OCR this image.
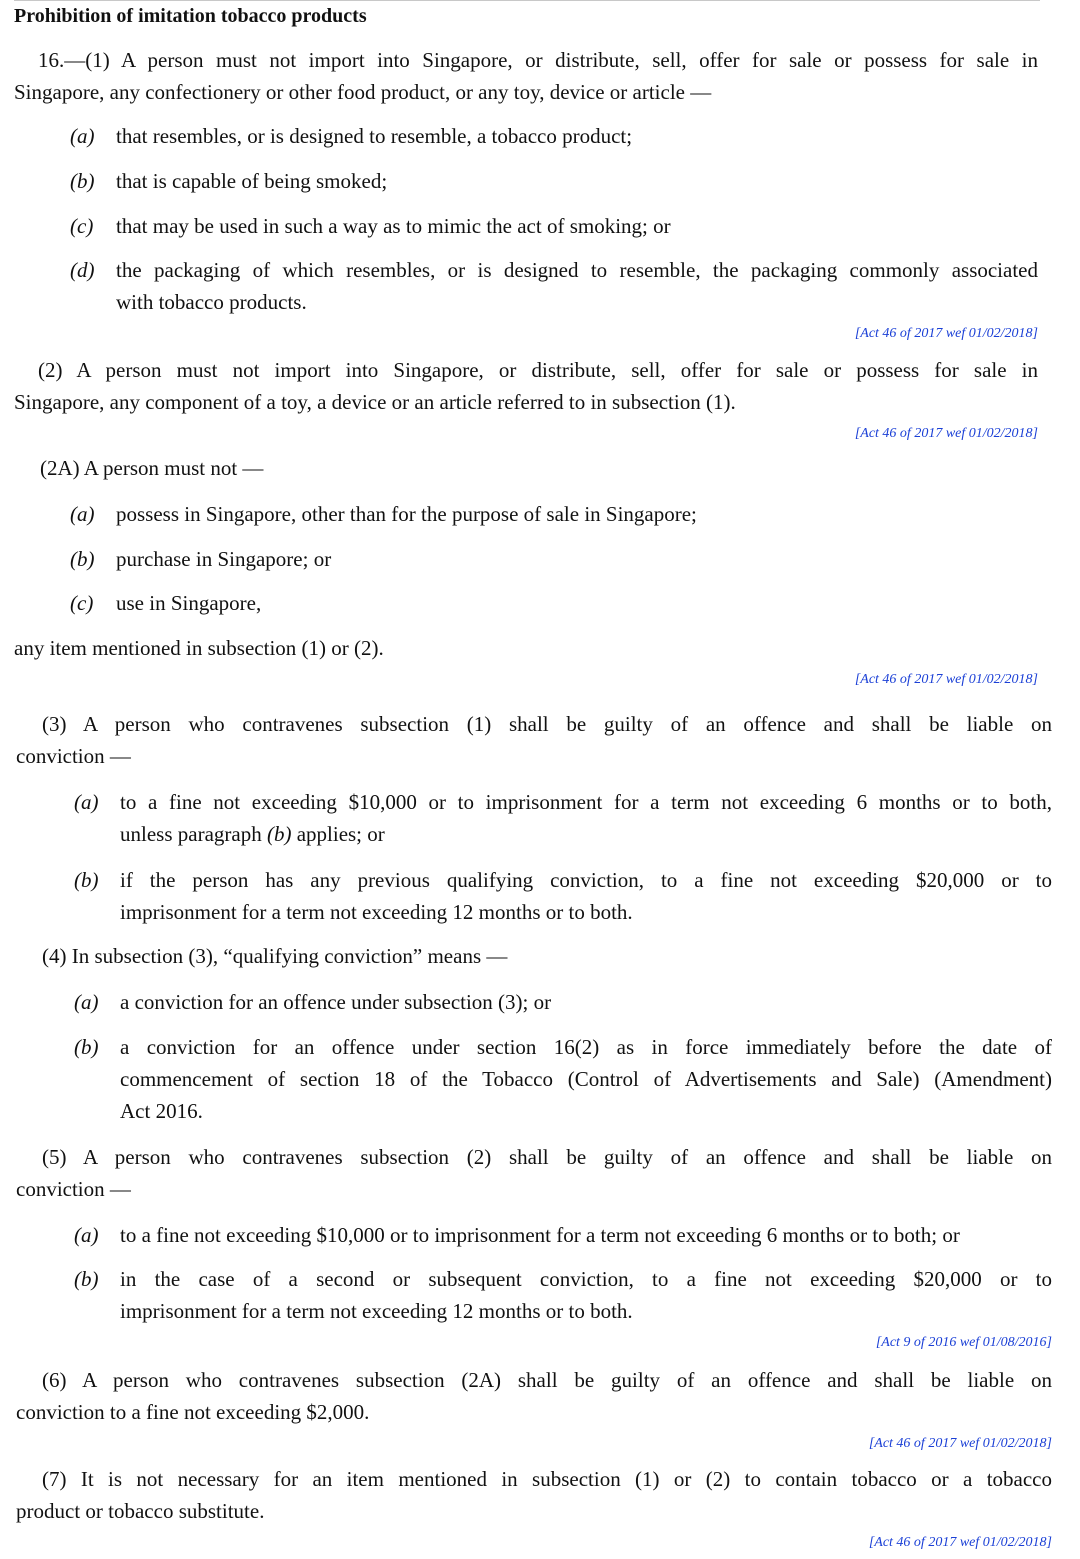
Prohibition of imitation tobacco products
16.—(1) A person must not import into Singapore, or distribute, sell, offer for sale or possess for sale in
Singapore, any confectionery or other food product, or any toy, device or article —
(a) that resembles, or is designed to resemble, a tobacco product;
(b) that is capable of being smoked;
(c) that may be used in such a way as to mimic the act of smoking; or
(d) the packaging of which resembles, or is designed to resemble, the packaging commonly associated
with tobacco products.
[Act 46 of 2017 wef 01/02/2018]
(2) A person must not import into Singapore, or distribute, sell, offer for sale or possess for sale in
Singapore, any component of a toy, a device or an article referred to in subsection (1).
[Act 46 of 2017 wef 01/02/2018]
(2A) A person must not —
(a) possess in Singapore, other than for the purpose of sale in Singapore;
(b) purchase in Singapore; or
(c) use in Singapore,
any item mentioned in subsection (1) or (2).
[Act 46 of 2017 wef 01/02/2018]
(3) A person who contravenes subsection (1) shall be guilty of an offence and shall be liable on
conviction —
(a) to a fine not exceeding $10,000 or to imprisonment for a term not exceeding 6 months or to both,
unless paragraph (b) applies; or
(b) if the person has any previous qualifying conviction, to a fine not exceeding $20,000 or to
imprisonment for a term not exceeding 12 months or to both.
(4) In subsection (3), “qualifying conviction” means —
(a) a conviction for an offence under subsection (3); or
(b) a conviction for an offence under section 16(2) as in force immediately before the date of
commencement of section 18 of the Tobacco (Control of Advertisements and Sale) (Amendment)
Act 2016.
(5) A person who contravenes subsection (2) shall be guilty of an offence and shall be liable on
conviction —
(a) to a fine not exceeding $10,000 or to imprisonment for a term not exceeding 6 months or to both; or
(b) in the case of a second or subsequent conviction, to a fine not exceeding $20,000 or to
imprisonment for a term not exceeding 12 months or to both.
[Act 9 of 2016 wef 01/08/2016]
(6) A person who contravenes subsection (2A) shall be guilty of an offence and shall be liable on
conviction to a fine not exceeding $2,000.
[Act 46 of 2017 wef 01/02/2018]
(7) It is not necessary for an item mentioned in subsection (1) or (2) to contain tobacco or a tobacco
product or tobacco substitute.
[Act 46 of 2017 wef 01/02/2018]
